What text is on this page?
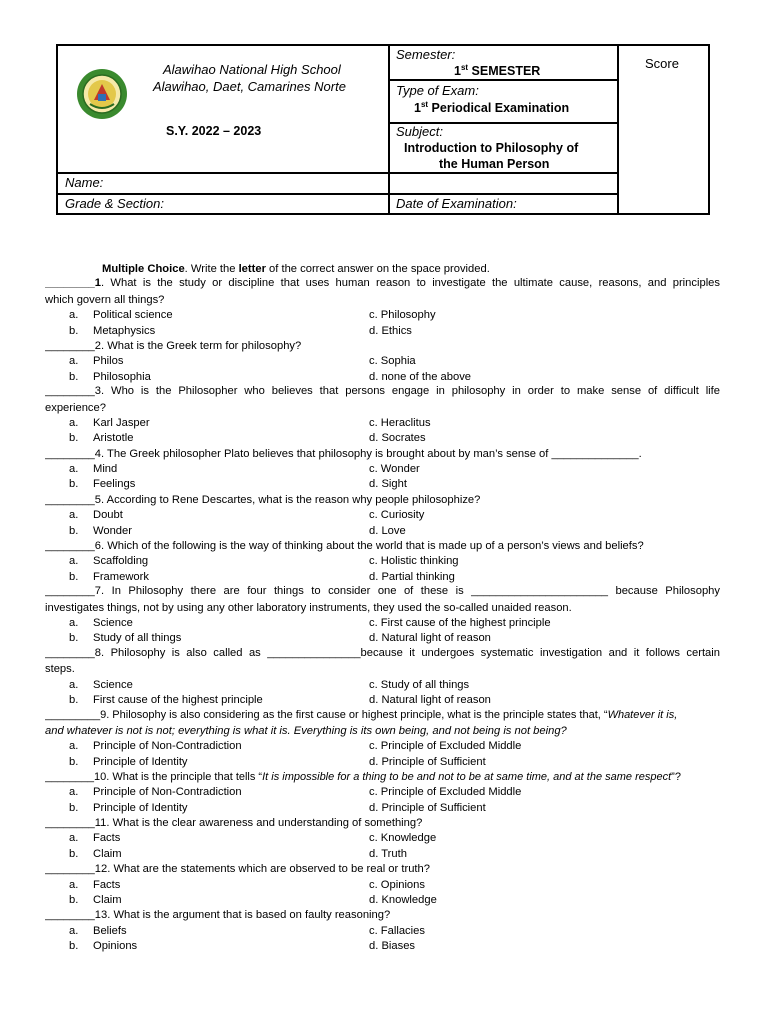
Alawihao National High School
Alawihao, Daet, Camarines Norte
S.Y. 2022 – 2023
Semester:
1st SEMESTER
Type of Exam:
1st Periodical Examination
Subject:
Introduction to Philosophy of
the Human Person
Score
Name:
Grade & Section:	Date of Examination:
Multiple Choice. Write the letter of the correct answer on the space provided.
________1. What is the study or discipline that uses human reason to investigate the ultimate cause, reasons, and principles
which govern all things?
a. Political science	c. Philosophy
b. Metaphysics	d. Ethics
________2. What is the Greek term for philosophy?
a. Philos	c. Sophia
b. Philosophia	d. none of the above
________3. Who is the Philosopher who believes that persons engage in philosophy in order to make sense of difficult life
experience?
a. Karl Jasper	c. Heraclitus
b. Aristotle	d. Socrates
________4. The Greek philosopher Plato believes that philosophy is brought about by man’s sense of ______________.
a. Mind	c. Wonder
b. Feelings	d. Sight
________5. According to Rene Descartes, what is the reason why people philosophize?
a. Doubt	c. Curiosity
b. Wonder	d. Love
________6. Which of the following is the way of thinking about the world that is made up of a person’s views and beliefs?
a. Scaffolding	c. Holistic thinking
b. Framework	d. Partial thinking
________7. In Philosophy there are four things to consider one of these is ______________________ because Philosophy
investigates things, not by using any other laboratory instruments, they used the so-called unaided reason.
a. Science	c. First cause of the highest principle
b. Study of all things	d. Natural light of reason
________8. Philosophy is also called as _______________because it undergoes systematic investigation and it follows certain
steps.
a. Science	c. Study of all things
b. First cause of the highest principle	d. Natural light of reason
_________9. Philosophy is also considering as the first cause or highest principle, what is the principle states that, “Whatever it is,
and whatever is not is not; everything is what it is. Everything is its own being, and not being is not being?
a. Principle of Non-Contradiction	c. Principle of Excluded Middle
b. Principle of Identity	d. Principle of Sufficient
________10. What is the principle that tells “It is impossible for a thing to be and not to be at same time, and at the same respect”?
a. Principle of Non-Contradiction	c. Principle of Excluded Middle
b. Principle of Identity	d. Principle of Sufficient
________11. What is the clear awareness and understanding of something?
a. Facts	c. Knowledge
b. Claim	d. Truth
________12. What are the statements which are observed to be real or truth?
a. Facts	c. Opinions
b. Claim	d. Knowledge
________13. What is the argument that is based on faulty reasoning?
a. Beliefs	c. Fallacies
b. Opinions	d. Biases
